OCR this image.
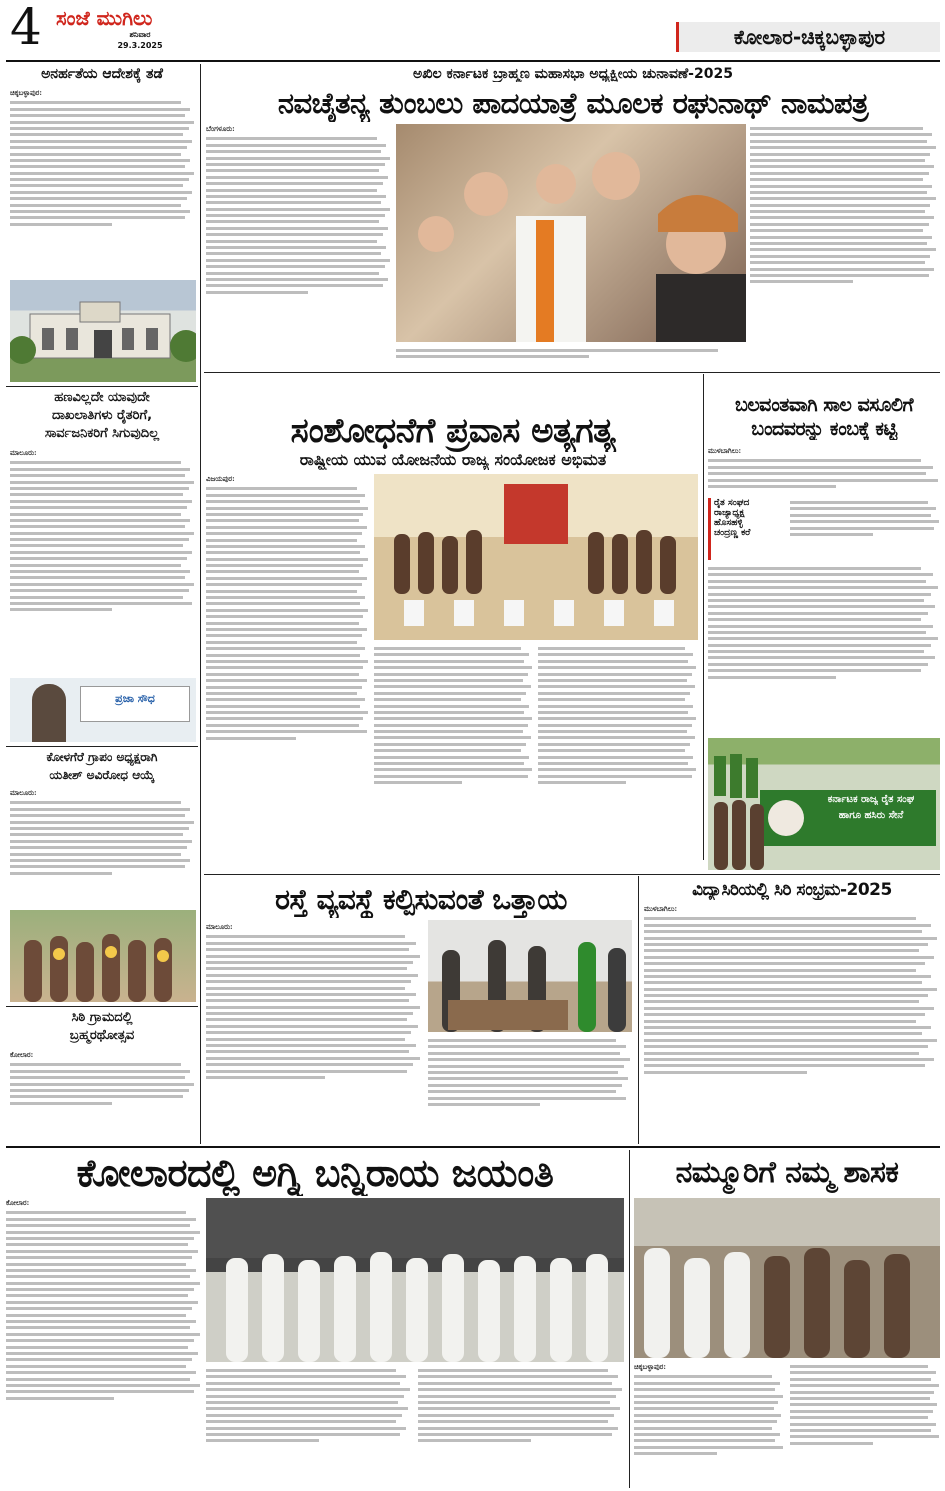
4 ಸಂಜೆ ಮುಗಿಲು
ಶನಿವಾರ
29.3.2025	ಕೋಲಾರ-ಚಿಕ್ಕಬಳ್ಳಾಪುರ
ಅನರ್ಹತೆಯ ಆದೇಶಕ್ಕೆ ತಡೆ
ಚಿಕ್ಕಬಳ್ಳಾಪುರ:
ಹಣವಿಲ್ಲದೇ ಯಾವುದೇ
ದಾಖಲಾತಿಗಳು ರೈತರಿಗೆ,
ಸಾರ್ವಜನಿಕರಿಗೆ ಸಿಗುವುದಿಲ್ಲ
ಮಾಲೂರು:
ಪ್ರಜಾ ಸೌಧ
ಕೋಳಗೆರೆ ಗ್ರಾಪಂ ಅಧ್ಯಕ್ಷರಾಗಿ
ಯತೀಶ್ ಅವಿರೋಧ ಆಯ್ಕೆ
ಮಾಲೂರು:
ಸಿಠಿ ಗ್ರಾಮದಲ್ಲಿ
ಬ್ರಹ್ಮರಥೋತ್ಸವ
ಕೋಲಾರ:
ಅಖಿಲ ಕರ್ನಾಟಕ ಬ್ರಾಹ್ಮಣ ಮಹಾಸಭಾ ಅಧ್ಯಕ್ಷೀಯ ಚುನಾವಣೆ-2025
ನವಚೈತನ್ಯ ತುಂಬಲು ಪಾದಯಾತ್ರೆ ಮೂಲಕ ರಘುನಾಥ್ ನಾಮಪತ್ರ
ಬೆಂಗಳೂರು:
ಸಂಶೋಧನೆಗೆ ಪ್ರವಾಸ ಅತ್ಯಗತ್ಯ
ರಾಷ್ಟ್ರೀಯ ಯುವ ಯೋಜನೆಯ ರಾಜ್ಯ ಸಂಯೋಜಕ ಅಭಿಮತ
ವಿಜಯಪುರ:
ಬಲವಂತವಾಗಿ ಸಾಲ ವಸೂಲಿಗೆ
ಬಂದವರನ್ನು ಕಂಬಕ್ಕೆ ಕಟ್ಟಿ
ಮುಳಬಾಗಿಲು:
ರೈತ ಸಂಘದ
ರಾಜ್ಯಾಧ್ಯಕ್ಷ
ಹೊಸಹಳ್ಳಿ
ಚಂದ್ರಣ್ಣ ಕರೆ
ಕರ್ನಾಟಕ ರಾಜ್ಯ ರೈತ ಸಂಘ
ಹಾಗೂ ಹಸಿರು ಸೇನೆ
ರಸ್ತೆ ವ್ಯವಸ್ಥೆ ಕಲ್ಪಿಸುವಂತೆ ಒತ್ತಾಯ
ಮಾಲೂರು:
ವಿದ್ಯಾಸಿರಿಯಲ್ಲಿ ಸಿರಿ ಸಂಭ್ರಮ-2025
ಮುಳಬಾಗಿಲು:
ಕೋಲಾರದಲ್ಲಿ ಅಗ್ನಿ ಬನ್ನಿರಾಯ ಜಯಂತಿ
ಕೋಲಾರ:
ನಮ್ಮೂರಿಗೆ ನಮ್ಮ ಶಾಸಕ
ಚಿಕ್ಕಬಳ್ಳಾಪುರ:
